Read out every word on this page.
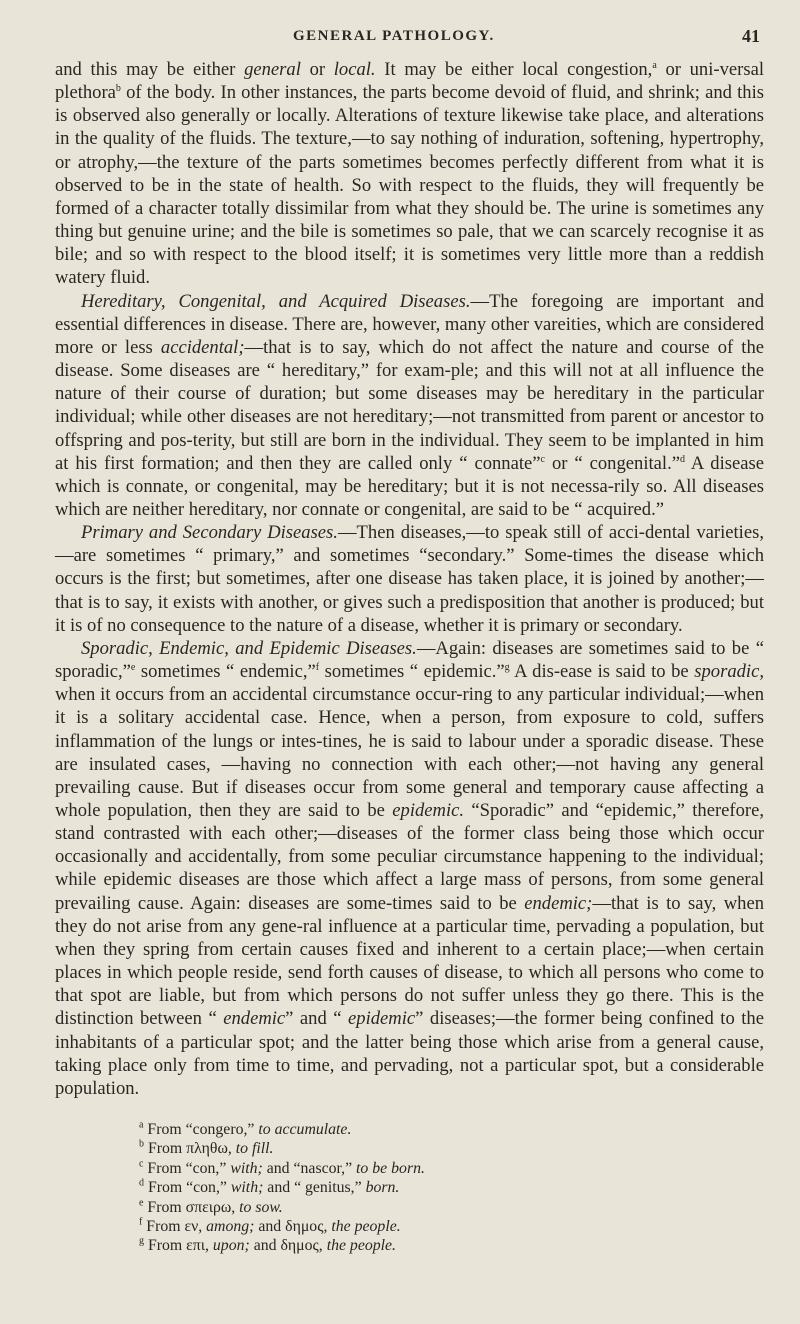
GENERAL PATHOLOGY.	41

and this may be either general or local. It may be either local congestion,$^a$ or uni-versal plethora$^b$ of the body. In other instances, the parts become devoid of fluid, and shrink; and this is observed also generally or locally. Alterations of texture likewise take place, and alterations in the quality of the fluids. The texture,—to say nothing of induration, softening, hypertrophy, or atrophy,—the texture of the parts sometimes becomes perfectly different from what it is observed to be in the state of health. So with respect to the fluids, they will frequently be formed of a character totally dissimilar from what they should be. The urine is sometimes any thing but genuine urine; and the bile is sometimes so pale, that we can scarcely recognise it as bile; and so with respect to the blood itself; it is sometimes very little more than a reddish watery fluid.

Hereditary, Congenital, and Acquired Diseases.—The foregoing are important and essential differences in disease. There are, however, many other vareities, which are considered more or less accidental;—that is to say, which do not affect the nature and course of the disease. Some diseases are “ hereditary,” for exam-ple; and this will not at all influence the nature of their course of duration; but some diseases may be hereditary in the particular individual; while other diseases are not hereditary;—not transmitted from parent or ancestor to offspring and pos-terity, but still are born in the individual. They seem to be implanted in him at his first formation; and then they are called only “ connate”$^c$ or “ congenital.”$^d$ A disease which is connate, or congenital, may be hereditary; but it is not necessa-rily so. All diseases which are neither hereditary, nor connate or congenital, are said to be “ acquired.”

Primary and Secondary Diseases.—Then diseases,—to speak still of acci-dental varieties,—are sometimes “ primary,” and sometimes “secondary.” Some-times the disease which occurs is the first; but sometimes, after one disease has taken place, it is joined by another;—that is to say, it exists with another, or gives such a predisposition that another is produced; but it is of no consequence to the nature of a disease, whether it is primary or secondary.

Sporadic, Endemic, and Epidemic Diseases.—Again: diseases are sometimes said to be “ sporadic,”$^e$ sometimes “ endemic,”$^f$ sometimes “ epidemic.”$^g$ A dis-ease is said to be sporadic, when it occurs from an accidental circumstance occur-ring to any particular individual;—when it is a solitary accidental case. Hence, when a person, from exposure to cold, suffers inflammation of the lungs or intes-tines, he is said to labour under a sporadic disease. These are insulated cases, —having no connection with each other;—not having any general prevailing cause. But if diseases occur from some general and temporary cause affecting a whole population, then they are said to be epidemic. “Sporadic” and “epidemic,” therefore, stand contrasted with each other;—diseases of the former class being those which occur occasionally and accidentally, from some peculiar circumstance happening to the individual; while epidemic diseases are those which affect a large mass of persons, from some general prevailing cause. Again: diseases are some-times said to be endemic;—that is to say, when they do not arise from any gene-ral influence at a particular time, pervading a population, but when they spring from certain causes fixed and inherent to a certain place;—when certain places in which people reside, send forth causes of disease, to which all persons who come to that spot are liable, but from which persons do not suffer unless they go there. This is the distinction between “ endemic” and “ epidemic” diseases;—the former being confined to the inhabitants of a particular spot; and the latter being those which arise from a general cause, taking place only from time to time, and pervading, not a particular spot, but a considerable population.

$^a$ From “congero,” to accumulate.
$^b$ From πληθω, to fill.
$^c$ From “con,” with; and “nascor,” to be born.
$^d$ From “con,” with; and “ genitus,” born.
$^e$ From σπειρω, to sow.
$^f$ From εν, among; and δημος, the people.
$^g$ From επι, upon; and δημος, the people.
